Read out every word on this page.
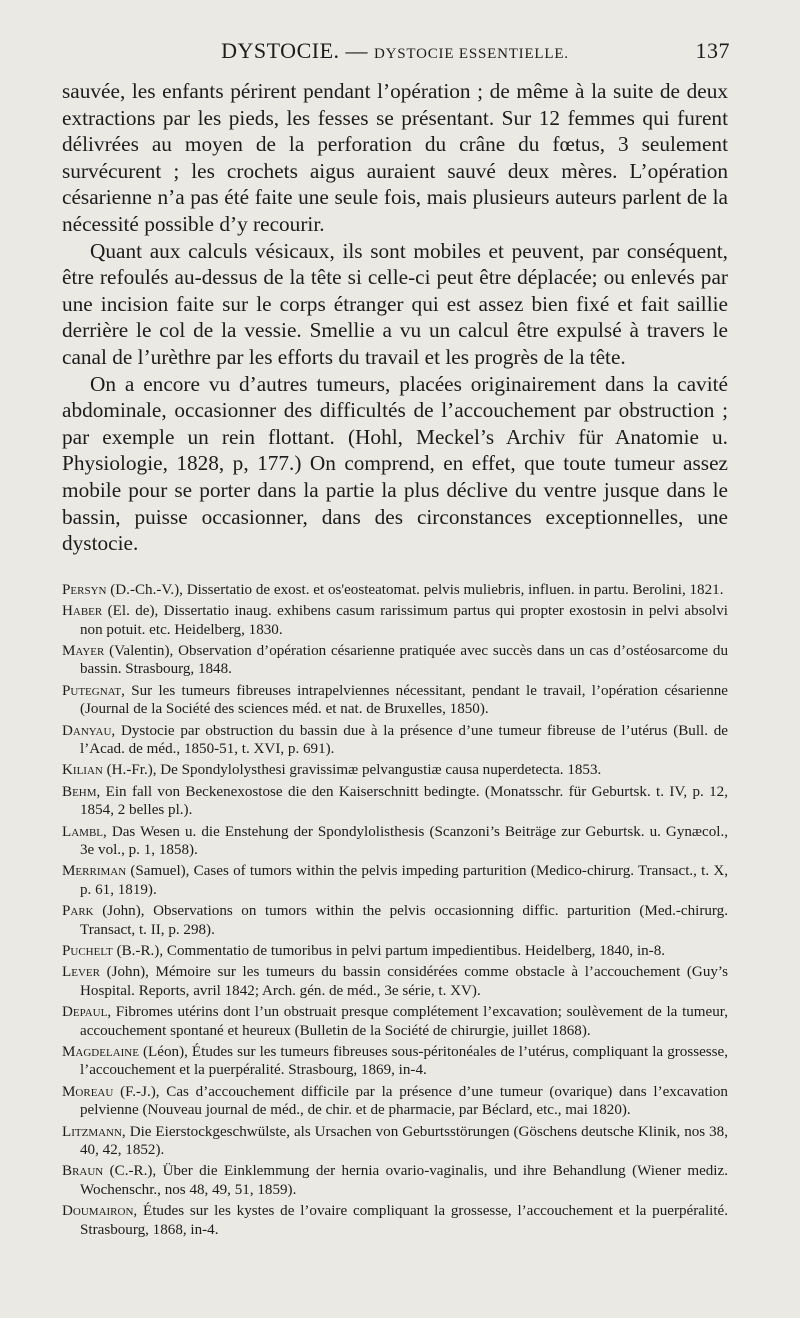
DYSTOCIE. — DYSTOCIE ESSENTIELLE.	137

sauvée, les enfants périrent pendant l’opération ; de même à la suite de deux extractions par les pieds, les fesses se présentant. Sur 12 femmes qui furent délivrées au moyen de la perforation du crâne du fœtus, 3 seulement survécurent ; les crochets aigus auraient sauvé deux mères. L’opération césarienne n’a pas été faite une seule fois, mais plusieurs auteurs parlent de la nécessité possible d’y recourir.

Quant aux calculs vésicaux, ils sont mobiles et peuvent, par conséquent, être refoulés au-dessus de la tête si celle-ci peut être déplacée; ou enlevés par une incision faite sur le corps étranger qui est assez bien fixé et fait saillie derrière le col de la vessie. Smellie a vu un calcul être expulsé à travers le canal de l’urèthre par les efforts du travail et les progrès de la tête.

On a encore vu d’autres tumeurs, placées originairement dans la cavité abdominale, occasionner des difficultés de l’accouchement par obstruction ; par exemple un rein flottant. (Hohl, Meckel’s Archiv für Anatomie u. Physiologie, 1828, p, 177.) On comprend, en effet, que toute tumeur assez mobile pour se porter dans la partie la plus déclive du ventre jusque dans le bassin, puisse occasionner, dans des circonstances exceptionnelles, une dystocie.

Persyn (D.-Ch.-V.), Dissertatio de exost. et os'eosteatomat. pelvis muliebris, influen. in partu. Berolini, 1821.
Haber (El. de), Dissertatio inaug. exhibens casum rarissimum partus qui propter exostosin in pelvi absolvi non potuit. etc. Heidelberg, 1830.
Mayer (Valentin), Observation d’opération césarienne pratiquée avec succès dans un cas d’ostéosarcome du bassin. Strasbourg, 1848.
Putegnat, Sur les tumeurs fibreuses intrapelviennes nécessitant, pendant le travail, l’opération césarienne (Journal de la Société des sciences méd. et nat. de Bruxelles, 1850).
Danyau, Dystocie par obstruction du bassin due à la présence d’une tumeur fibreuse de l’utérus (Bull. de l’Acad. de méd., 1850-51, t. XVI, p. 691).
Kilian (H.-Fr.), De Spondylolysthesi gravissimæ pelvangustiæ causa nuperdetecta. 1853.
Behm, Ein fall von Beckenexostose die den Kaiserschnitt bedingte. (Monatsschr. für Geburtsk. t. IV, p. 12, 1854, 2 belles pl.).
Lambl, Das Wesen u. die Enstehung der Spondylolisthesis (Scanzoni’s Beiträge zur Geburtsk. u. Gynæcol., 3e vol., p. 1, 1858).
Merriman (Samuel), Cases of tumors within the pelvis impeding parturition (Medico-chirurg. Transact., t. X, p. 61, 1819).
Park (John), Observations on tumors within the pelvis occasionning diffic. parturition (Med.-chirurg. Transact, t. II, p. 298).
Puchelt (B.-R.), Commentatio de tumoribus in pelvi partum impedientibus. Heidelberg, 1840, in-8.
Lever (John), Mémoire sur les tumeurs du bassin considérées comme obstacle à l’accouchement (Guy’s Hospital. Reports, avril 1842; Arch. gén. de méd., 3e série, t. XV).
Depaul, Fibromes utérins dont l’un obstruait presque complétement l’excavation; soulèvement de la tumeur, accouchement spontané et heureux (Bulletin de la Société de chirurgie, juillet 1868).
Magdelaine (Léon), Études sur les tumeurs fibreuses sous-péritonéales de l’utérus, compliquant la grossesse, l’accouchement et la puerpéralité. Strasbourg, 1869, in-4.
Moreau (F.-J.), Cas d’accouchement difficile par la présence d’une tumeur (ovarique) dans l’excavation pelvienne (Nouveau journal de méd., de chir. et de pharmacie, par Béclard, etc., mai 1820).
Litzmann, Die Eierstockgeschwülste, als Ursachen von Geburtsstörungen (Göschens deutsche Klinik, nos 38, 40, 42, 1852).
Braun (C.-R.), Über die Einklemmung der hernia ovario-vaginalis, und ihre Behandlung (Wiener mediz. Wochenschr., nos 48, 49, 51, 1859).
Doumairon, Études sur les kystes de l’ovaire compliquant la grossesse, l’accouchement et la puerpéralité. Strasbourg, 1868, in-4.
